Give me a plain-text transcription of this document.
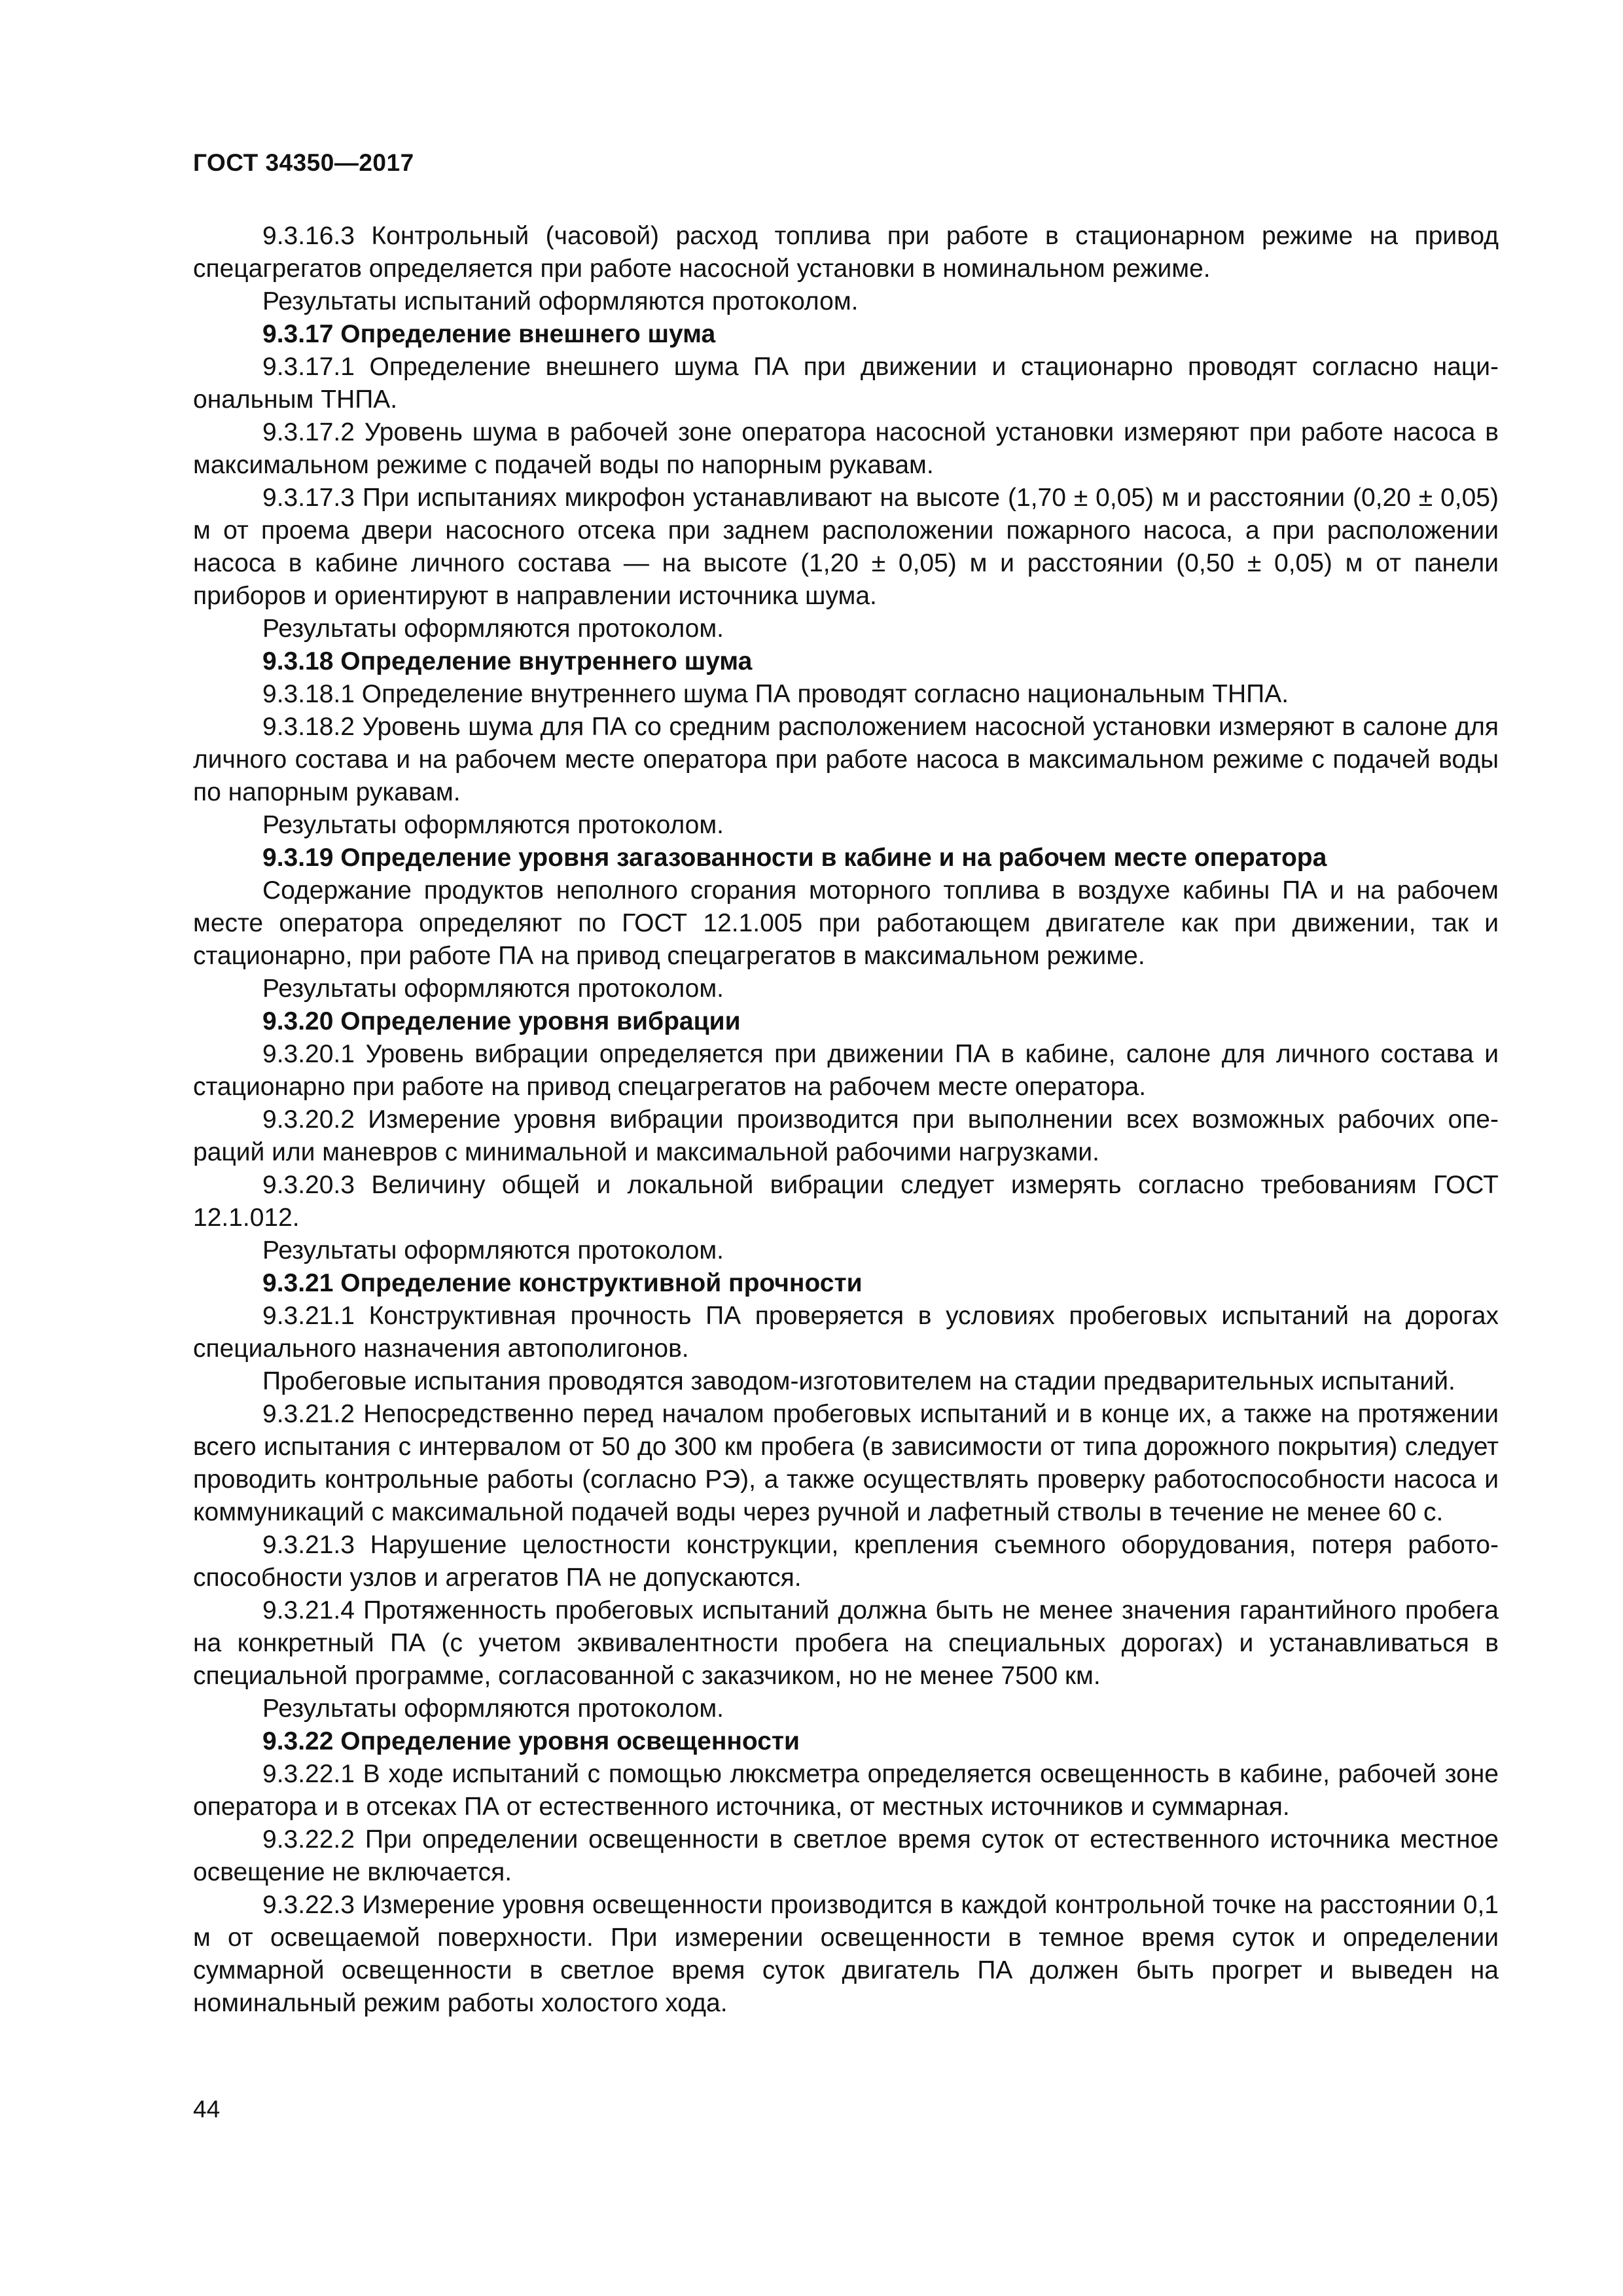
ГОСТ 34350—2017

9.3.16.3 Контрольный (часовой) расход топлива при работе в стационарном режиме на привод спецагрегатов определяется при работе насосной установки в номинальном режиме.

Результаты испытаний оформляются протоколом.

9.3.17 Определение внешнего шума

9.3.17.1 Определение внешнего шума ПА при движении и стационарно проводят согласно национальным ТНПА.

9.3.17.2 Уровень шума в рабочей зоне оператора насосной установки измеряют при работе насоса в максимальном режиме с подачей воды по напорным рукавам.

9.3.17.3 При испытаниях микрофон устанавливают на высоте (1,70 ± 0,05) м и расстоянии (0,20 ± 0,05) м от проема двери насосного отсека при заднем расположении пожарного насоса, а при расположении насоса в кабине личного состава — на высоте (1,20 ± 0,05) м и расстоянии (0,50 ± 0,05) м от панели приборов и ориентируют в направлении источника шума.

Результаты оформляются протоколом.

9.3.18 Определение внутреннего шума

9.3.18.1 Определение внутреннего шума ПА проводят согласно национальным ТНПА.

9.3.18.2 Уровень шума для ПА со средним расположением насосной установки измеряют в салоне для личного состава и на рабочем месте оператора при работе насоса в максимальном режиме с подачей воды по напорным рукавам.

Результаты оформляются протоколом.

9.3.19 Определение уровня загазованности в кабине и на рабочем месте оператора

Содержание продуктов неполного сгорания моторного топлива в воздухе кабины ПА и на рабочем месте оператора определяют по ГОСТ 12.1.005 при работающем двигателе как при движении, так и стационарно, при работе ПА на привод спецагрегатов в максимальном режиме.

Результаты оформляются протоколом.

9.3.20 Определение уровня вибрации

9.3.20.1 Уровень вибрации определяется при движении ПА в кабине, салоне для личного состава и стационарно при работе на привод спецагрегатов на рабочем месте оператора.

9.3.20.2 Измерение уровня вибрации производится при выполнении всех возможных рабочих операций или маневров с минимальной и максимальной рабочими нагрузками.

9.3.20.3 Величину общей и локальной вибрации следует измерять согласно требованиям ГОСТ 12.1.012.

Результаты оформляются протоколом.

9.3.21 Определение конструктивной прочности

9.3.21.1 Конструктивная прочность ПА проверяется в условиях пробеговых испытаний на дорогах специального назначения автополигонов.

Пробеговые испытания проводятся заводом-изготовителем на стадии предварительных испытаний.

9.3.21.2 Непосредственно перед началом пробеговых испытаний и в конце их, а также на протяжении всего испытания с интервалом от 50 до 300 км пробега (в зависимости от типа дорожного покрытия) следует проводить контрольные работы (согласно РЭ), а также осуществлять проверку работоспособности насоса и коммуникаций с максимальной подачей воды через ручной и лафетный стволы в течение не менее 60 с.

9.3.21.3 Нарушение целостности конструкции, крепления съемного оборудования, потеря работоспособности узлов и агрегатов ПА не допускаются.

9.3.21.4 Протяженность пробеговых испытаний должна быть не менее значения гарантийного пробега на конкретный ПА (с учетом эквивалентности пробега на специальных дорогах) и устанавливаться в специальной программе, согласованной с заказчиком, но не менее 7500 км.

Результаты оформляются протоколом.

9.3.22 Определение уровня освещенности

9.3.22.1 В ходе испытаний с помощью люксметра определяется освещенность в кабине, рабочей зоне оператора и в отсеках ПА от естественного источника, от местных источников и суммарная.

9.3.22.2 При определении освещенности в светлое время суток от естественного источника местное освещение не включается.

9.3.22.3 Измерение уровня освещенности производится в каждой контрольной точке на расстоянии 0,1 м от освещаемой поверхности. При измерении освещенности в темное время суток и определении суммарной освещенности в светлое время суток двигатель ПА должен быть прогрет и выведен на номинальный режим работы холостого хода.

44
